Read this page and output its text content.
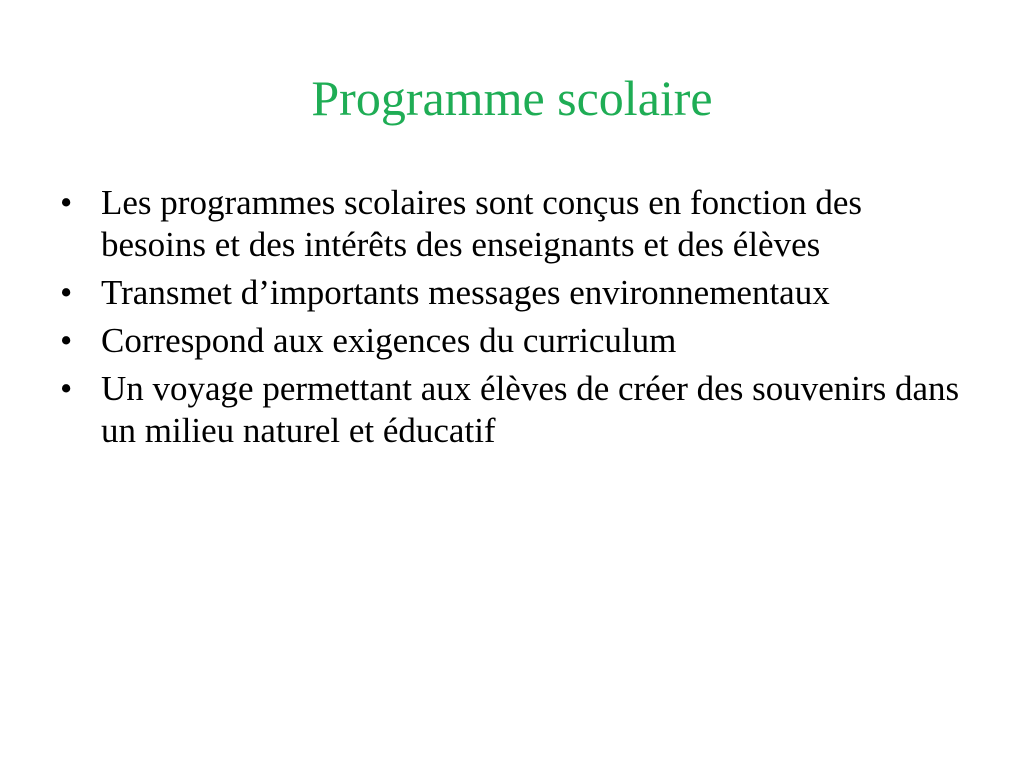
Programme scolaire
• Les programmes scolaires sont conçus en fonction des besoins et des intérêts des enseignants et des élèves
• Transmet d’importants messages environnementaux
• Correspond aux exigences du curriculum
• Un voyage permettant aux élèves de créer des souvenirs dans un milieu naturel et éducatif
